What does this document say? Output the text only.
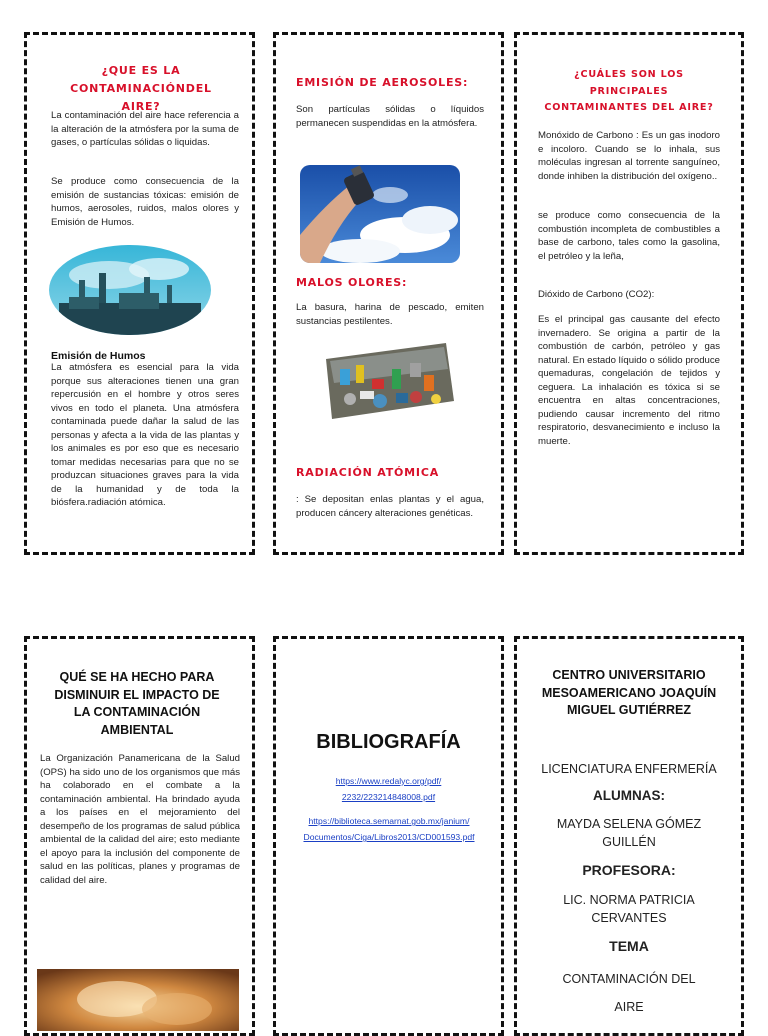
¿QUE ES LA CONTAMINACIÓNDEL AIRE?
La contaminación del aire hace referencia a la alteración de la atmósfera por la suma de gases, o partículas sólidas o liquidas.
Se produce como consecuencia de la emisión de sustancias tóxicas: emisión de humos, aerosoles, ruidos, malos olores y Emisión de Humos.
Emisión de Humos
La atmósfera es esencial para la vida porque sus alteraciones tienen una gran repercusión en el hombre y otros seres vivos en todo el planeta. Una atmósfera contaminada puede dañar la salud de las personas y afecta a la vida de las plantas y los animales es por eso que es necesario tomar medidas necesarias para que no se produzcan situaciones graves para la vida de la humanidad y de toda la biósfera.radiación atómica.
EMISIÓN DE AEROSOLES:
Son partículas sólidas o líquidos permanecen suspendidas en la atmósfera.
MALOS OLORES:
La basura, harina de pescado, emiten sustancias pestilentes.
RADIACIÓN ATÓMICA
: Se depositan enlas plantas y el agua, producen cáncery alteraciones genéticas.
¿CUÁLES SON LOS PRINCIPALES CONTAMINANTES DEL AIRE?
Monóxido de Carbono : Es un gas inodoro e incoloro. Cuando se lo inhala, sus moléculas ingresan al torrente sanguíneo, donde inhiben la distribución del oxígeno..
se produce como consecuencia de la combustión incompleta de combustibles a base de carbono, tales como la gasolina, el petróleo y la leña,
Dióxido de Carbono (CO2):
Es el principal gas causante del efecto invernadero. Se origina a partir de la combustión de carbón, petróleo y gas natural. En estado líquido o sólido produce quemaduras, congelación de tejidos y ceguera. La inhalación es tóxica si se encuentra en altas concentraciones, pudiendo causar incremento del ritmo respiratorio, desvanecimiento e incluso la muerte.
QUÉ SE HA HECHO PARA DISMINUIR EL IMPACTO DE LA CONTAMINACIÓN AMBIENTAL
La Organización Panamericana de la Salud (OPS) ha sido uno de los organismos que más ha colaborado en el combate a la contaminación ambiental. Ha brindado ayuda a los países en el mejoramiento del desempeño de los programas de salud pública ambiental de la calidad del aire; esto mediante el apoyo para la inclusión del componente de salud en las políticas, planes y programas de calidad del aire.
BIBLIOGRAFÍA
https://www.redalyc.org/pdf/ 2232/223214848008.pdf
https://biblioteca.semarnat.gob.mx/janium/ Documentos/Ciga/Libros2013/CD001593.pdf
CENTRO UNIVERSITARIO MESOAMERICANO JOAQUÍN MIGUEL GUTIÉRREZ
LICENCIATURA ENFERMERÍA
ALUMNAS:
MAYDA SELENA GÓMEZ GUILLÉN
PROFESORA:
LIC. NORMA PATRICIA CERVANTES
TEMA
CONTAMINACIÓN DEL AIRE
